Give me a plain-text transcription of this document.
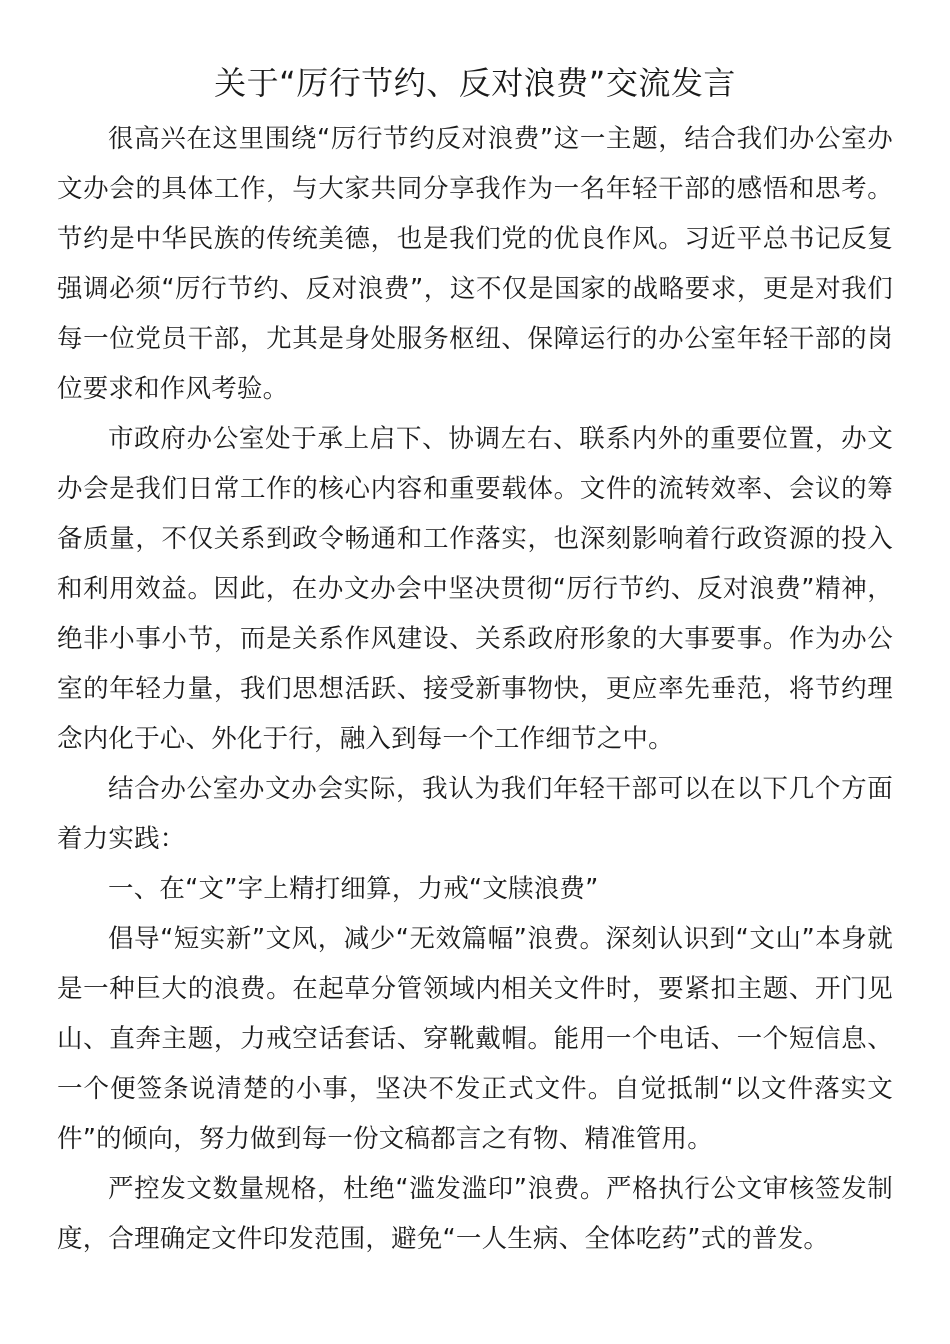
关于“厉行节约、反对浪费”交流发言

很高兴在这里围绕“厉行节约反对浪费”这一主题，结合我们办公室办文办会的具体工作，与大家共同分享我作为一名年轻干部的感悟和思考。节约是中华民族的传统美德，也是我们党的优良作风。习近平总书记反复强调必须“厉行节约、反对浪费”，这不仅是国家的战略要求，更是对我们每一位党员干部，尤其是身处服务枢纽、保障运行的办公室年轻干部的岗位要求和作风考验。

市政府办公室处于承上启下、协调左右、联系内外的重要位置，办文办会是我们日常工作的核心内容和重要载体。文件的流转效率、会议的筹备质量，不仅关系到政令畅通和工作落实，也深刻影响着行政资源的投入和利用效益。因此，在办文办会中坚决贯彻“厉行节约、反对浪费”精神，绝非小事小节，而是关系作风建设、关系政府形象的大事要事。作为办公室的年轻力量，我们思想活跃、接受新事物快，更应率先垂范，将节约理念内化于心、外化于行，融入到每一个工作细节之中。

结合办公室办文办会实际，我认为我们年轻干部可以在以下几个方面着力实践：

一、在“文”字上精打细算，力戒“文牍浪费”

倡导“短实新”文风，减少“无效篇幅”浪费。深刻认识到“文山”本身就是一种巨大的浪费。在起草分管领域内相关文件时，要紧扣主题、开门见山、直奔主题，力戒空话套话、穿靴戴帽。能用一个电话、一个短信息、一个便签条说清楚的小事，坚决不发正式文件。自觉抵制“以文件落实文件”的倾向，努力做到每一份文稿都言之有物、精准管用。

严控发文数量规格，杜绝“滥发滥印”浪费。严格执行公文审核签发制度，合理确定文件印发范围，避免“一人生病、全体吃药”式的普发。
